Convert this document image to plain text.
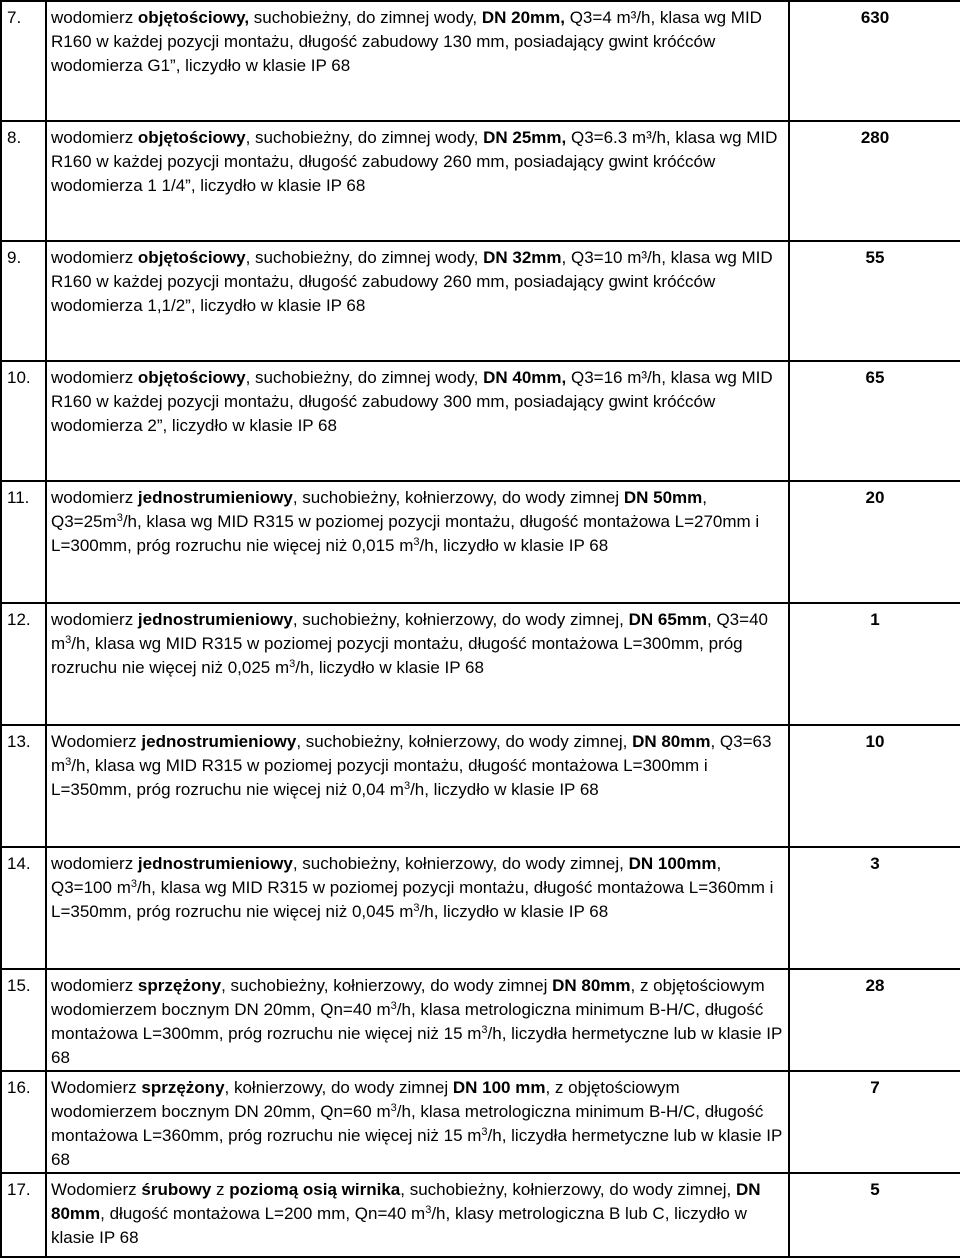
7.	wodomierz objętościowy, suchobieżny, do zimnej wody, DN 20mm, Q3=4 m³/h, klasa wg MID R160 w każdej pozycji montażu, długość zabudowy 130 mm, posiadający gwint króćców wodomierza G1”, liczydło w klasie IP 68	630

8.	wodomierz objętościowy, suchobieżny, do zimnej wody, DN 25mm, Q3=6.3 m³/h, klasa wg MID R160 w każdej pozycji montażu, długość zabudowy 260 mm, posiadający gwint króćców wodomierza 1 1/4”, liczydło w klasie IP 68	280

9.	wodomierz objętościowy, suchobieżny, do zimnej wody, DN 32mm, Q3=10 m³/h, klasa wg MID R160 w każdej pozycji montażu, długość zabudowy 260 mm, posiadający gwint króćców wodomierza 1,1/2”, liczydło w klasie IP 68	55

10.	wodomierz objętościowy, suchobieżny, do zimnej wody, DN 40mm, Q3=16 m³/h, klasa wg MID R160 w każdej pozycji montażu, długość zabudowy 300 mm, posiadający gwint króćców wodomierza 2”, liczydło w klasie IP 68	65

11.	wodomierz jednostrumieniowy, suchobieżny, kołnierzowy, do wody zimnej DN 50mm, $Q3=25m^3/h$, klasa wg MID R315 w poziomej pozycji montażu, długość montażowa L=270mm i L=300mm, próg rozruchu nie więcej niż 0,015 $m^3/h$, liczydło w klasie IP 68	20

12.	wodomierz jednostrumieniowy, suchobieżny, kołnierzowy, do wody zimnej, DN 65mm, Q3=40 $m^3/h$, klasa wg MID R315 w poziomej pozycji montażu, długość montażowa L=300mm, próg rozruchu nie więcej niż 0,025 $m^3/h$, liczydło w klasie IP 68	1

13.	Wodomierz jednostrumieniowy, suchobieżny, kołnierzowy, do wody zimnej, DN 80mm, Q3=63 $m^3/h$, klasa wg MID R315 w poziomej pozycji montażu, długość montażowa L=300mm i L=350mm, próg rozruchu nie więcej niż 0,04 $m^3/h$, liczydło w klasie IP 68	10

14.	wodomierz jednostrumieniowy, suchobieżny, kołnierzowy, do wody zimnej, DN 100mm, Q3=100 $m^3/h$, klasa wg MID R315 w poziomej pozycji montażu, długość montażowa L=360mm i L=350mm, próg rozruchu nie więcej niż 0,045 $m^3/h$, liczydło w klasie IP 68	3

15.	wodomierz sprzężony, suchobieżny, kołnierzowy, do wody zimnej DN 80mm, z objętościowym wodomierzem bocznym DN 20mm, Qn=40 $m^3/h$, klasa metrologiczna minimum B-H/C, długość montażowa L=300mm, próg rozruchu nie więcej niż 15 $m^3/h$, liczydła hermetyczne lub w klasie IP 68	28

16.	Wodomierz sprzężony, kołnierzowy, do wody zimnej DN 100 mm, z objętościowym wodomierzem bocznym DN 20mm, Qn=60 $m^3/h$, klasa metrologiczna minimum B-H/C, długość montażowa L=360mm, próg rozruchu nie więcej niż 15 $m^3/h$, liczydła hermetyczne lub w klasie IP 68	7

17.	Wodomierz śrubowy z poziomą osią wirnika, suchobieżny, kołnierzowy, do wody zimnej, DN 80mm, długość montażowa L=200 mm, Qn=40 $m^3/h$, klasy metrologiczna B lub C, liczydło w klasie IP 68	5
